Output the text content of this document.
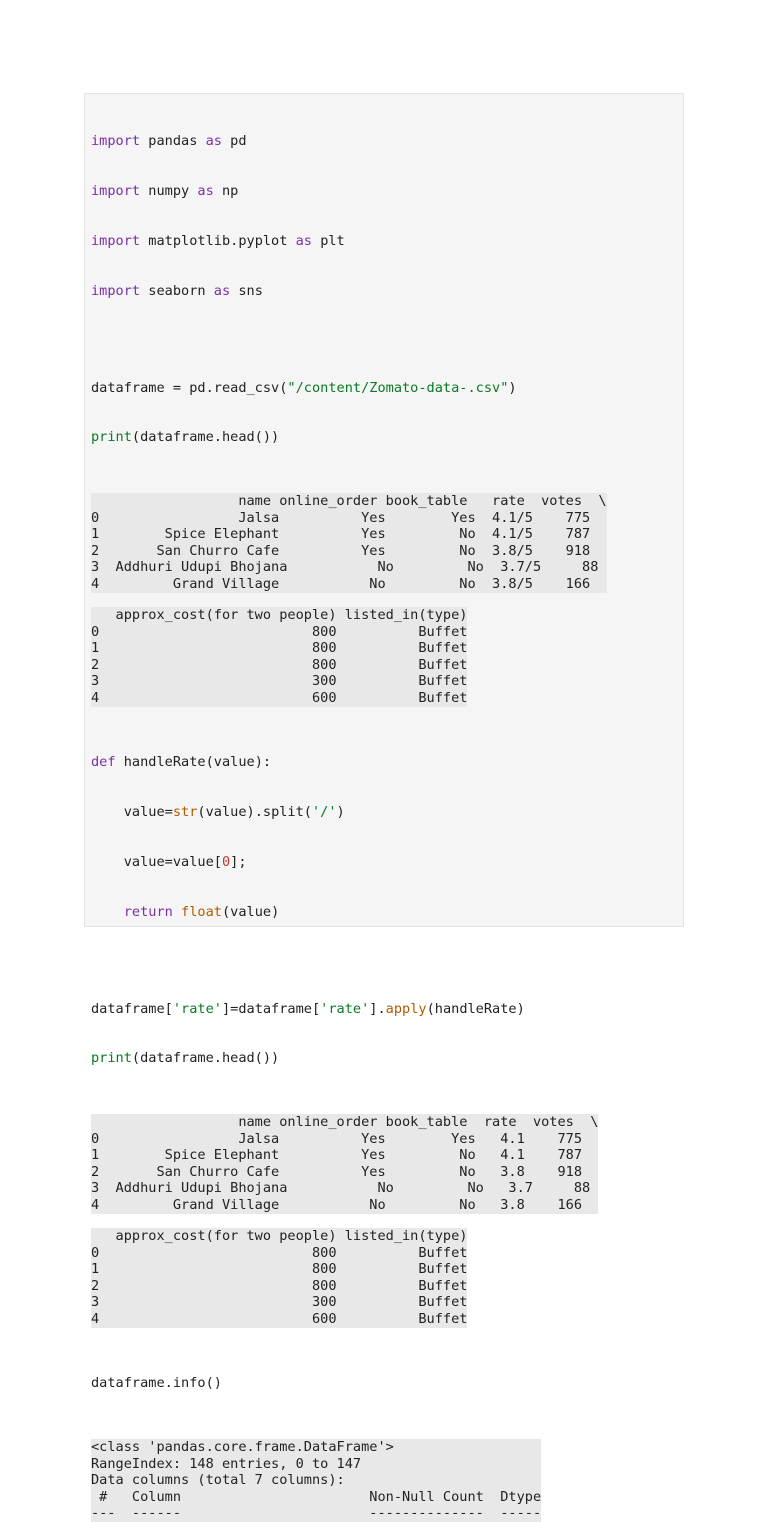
import pandas as pd

import numpy as np

import matplotlib.pyplot as plt

import seaborn as sns

dataframe = pd.read_csv("/content/Zomato-data-.csv")

print(dataframe.head())

name online_order book_table   rate  votes  \
0                 Jalsa          Yes        Yes  4.1/5    775
1        Spice Elephant          Yes         No  4.1/5    787
2       San Churro Cafe          Yes         No  3.8/5    918
3  Addhuri Udupi Bhojana           No         No  3.7/5     88
4         Grand Village           No         No  3.8/5    166
approx_cost(for two people) listed_in(type)
0                          800          Buffet
1                          800          Buffet
2                          800          Buffet
3                          300          Buffet
4                          600          Buffet

def handleRate(value):

value=str(value).split('/')

value=value[0];

return float(value)

dataframe['rate']=dataframe['rate'].apply(handleRate)

print(dataframe.head())

name online_order book_table  rate  votes  \
0                 Jalsa          Yes        Yes   4.1    775
1        Spice Elephant          Yes         No   4.1    787
2       San Churro Cafe          Yes         No   3.8    918
3  Addhuri Udupi Bhojana           No         No   3.7     88
4         Grand Village           No         No   3.8    166
approx_cost(for two people) listed_in(type)
0                          800          Buffet
1                          800          Buffet
2                          800          Buffet
3                          300          Buffet
4                          600          Buffet

dataframe.info()

<class 'pandas.core.frame.DataFrame'>
RangeIndex: 148 entries, 0 to 147
Data columns (total 7 columns):
#   Column                       Non-Null Count  Dtype
---  ------                       --------------  -----
